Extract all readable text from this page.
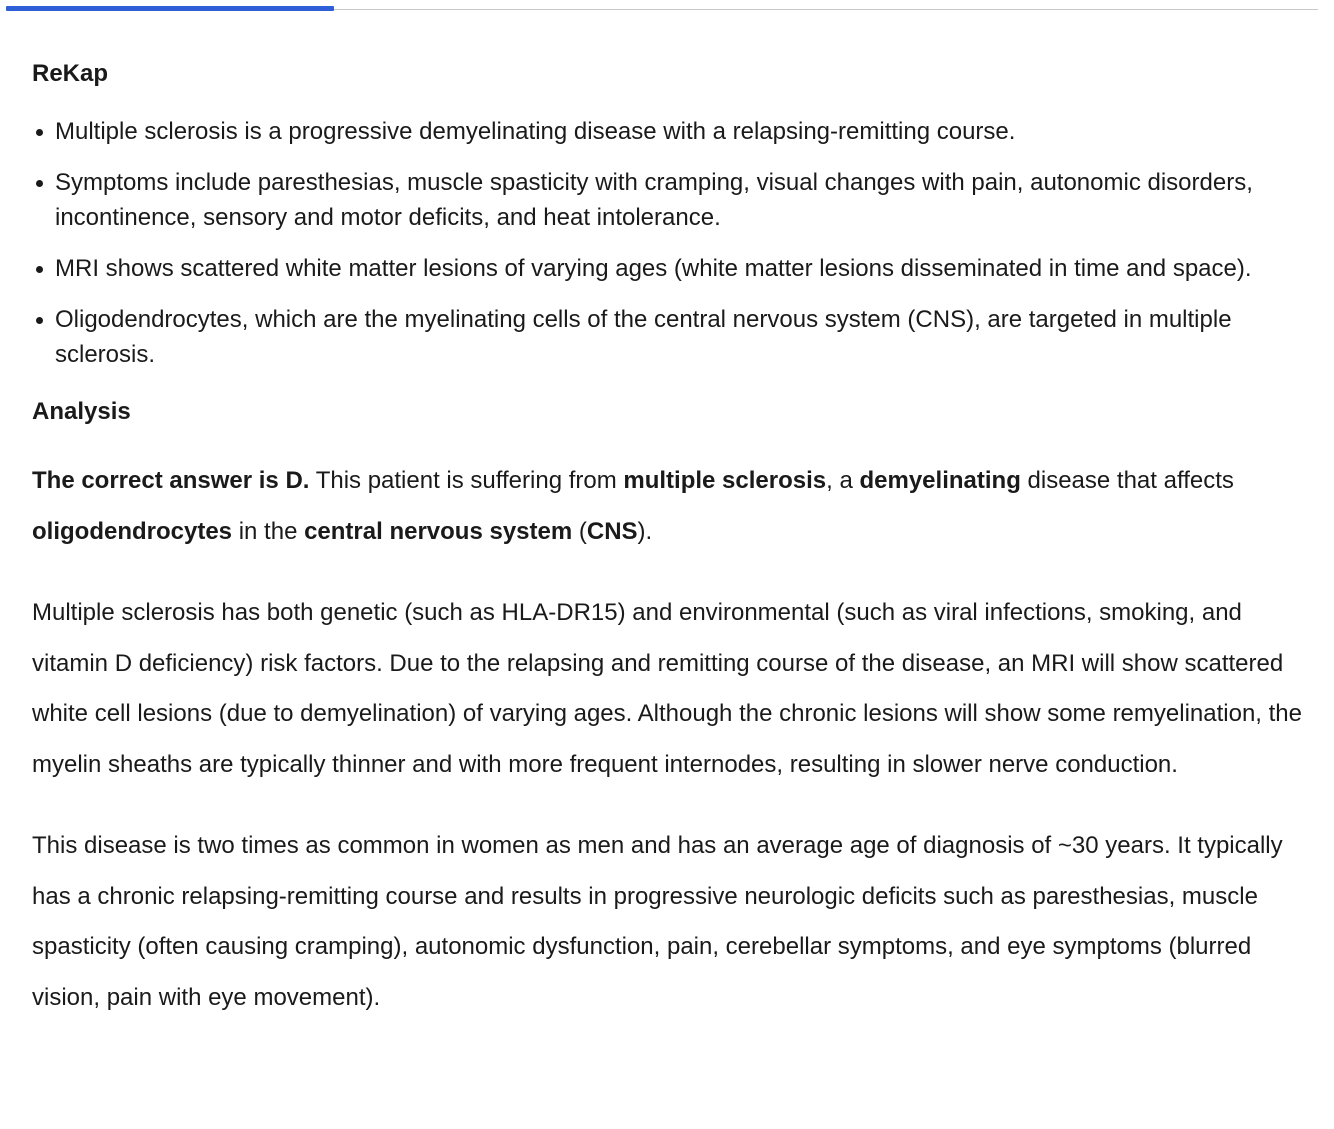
ReKap
Multiple sclerosis is a progressive demyelinating disease with a relapsing-remitting course.
Symptoms include paresthesias, muscle spasticity with cramping, visual changes with pain, autonomic disorders, incontinence, sensory and motor deficits, and heat intolerance.
MRI shows scattered white matter lesions of varying ages (white matter lesions disseminated in time and space).
Oligodendrocytes, which are the myelinating cells of the central nervous system (CNS), are targeted in multiple sclerosis.
Analysis

The correct answer is D. This patient is suffering from multiple sclerosis, a demyelinating disease that affects oligodendrocytes in the central nervous system (CNS).

Multiple sclerosis has both genetic (such as HLA-DR15) and environmental (such as viral infections, smoking, and vitamin D deficiency) risk factors. Due to the relapsing and remitting course of the disease, an MRI will show scattered white cell lesions (due to demyelination) of varying ages. Although the chronic lesions will show some remyelination, the myelin sheaths are typically thinner and with more frequent internodes, resulting in slower nerve conduction.

This disease is two times as common in women as men and has an average age of diagnosis of ~30 years. It typically has a chronic relapsing-remitting course and results in progressive neurologic deficits such as paresthesias, muscle spasticity (often causing cramping), autonomic dysfunction, pain, cerebellar symptoms, and eye symptoms (blurred vision, pain with eye movement).
